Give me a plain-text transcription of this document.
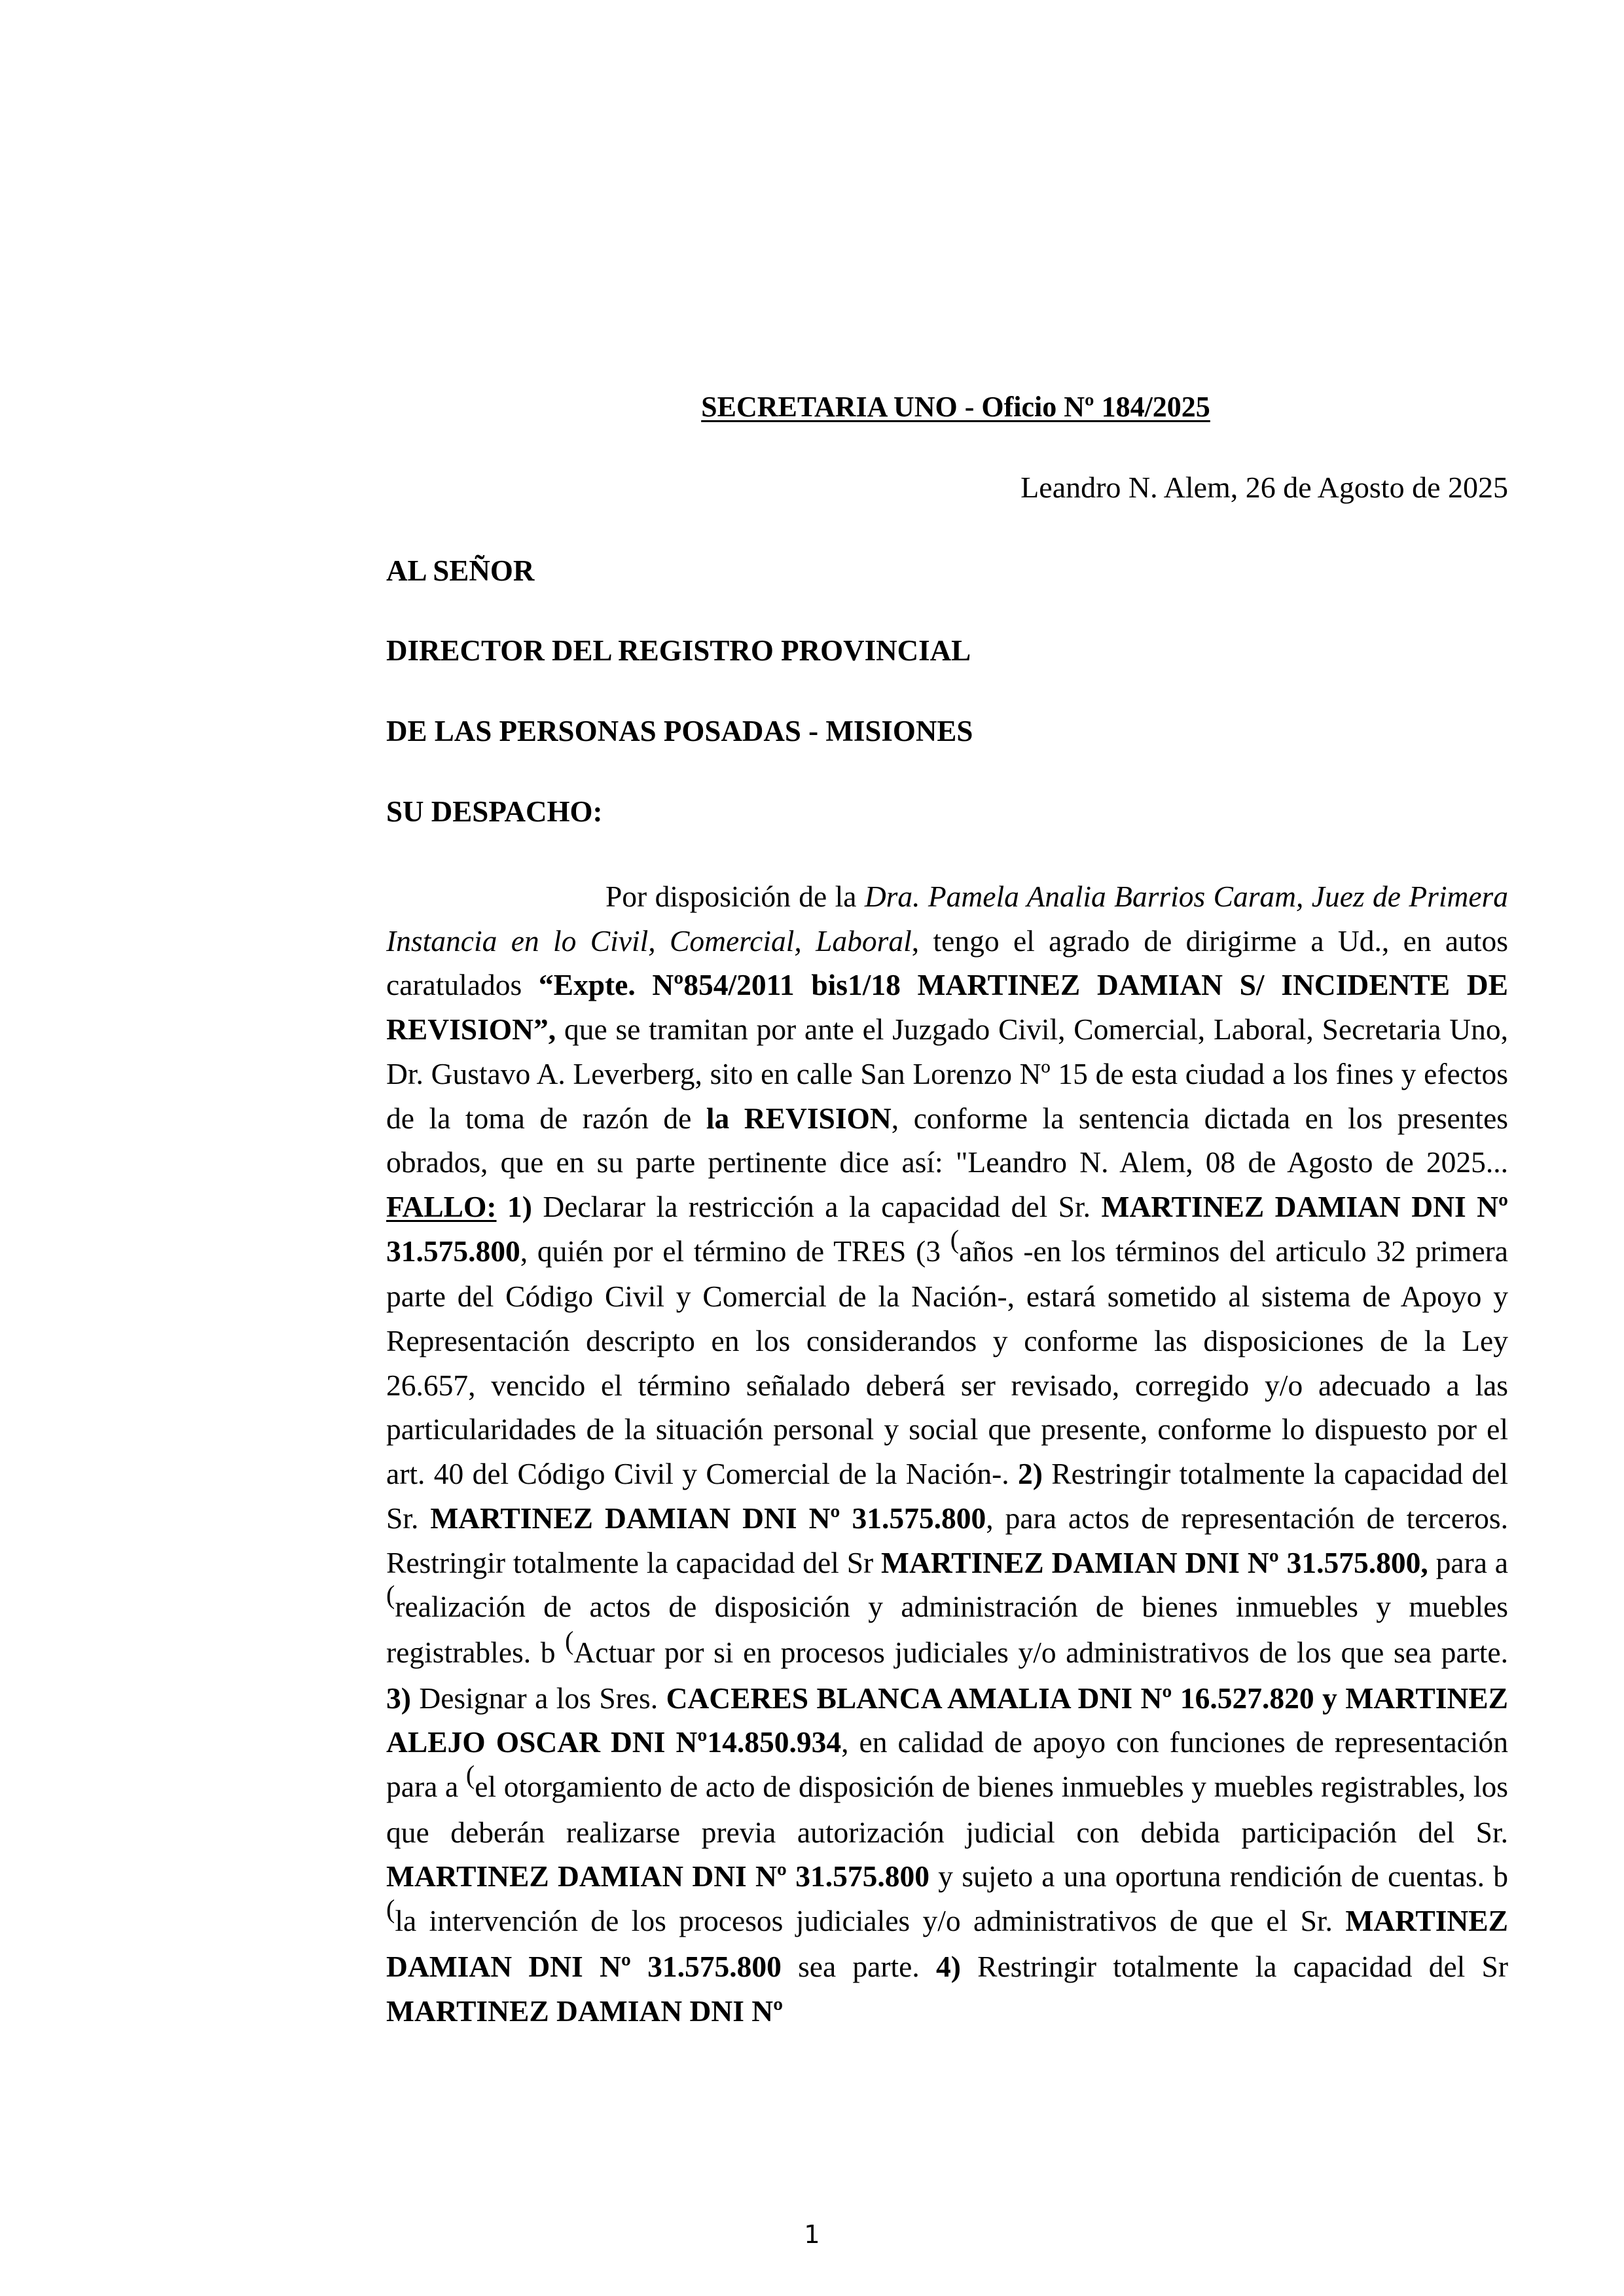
SECRETARIA UNO - Oficio Nº 184/2025
Leandro N. Alem, 26 de Agosto de 2025
AL SEÑOR
DIRECTOR DEL REGISTRO PROVINCIAL
DE LAS PERSONAS POSADAS - MISIONES
SU DESPACHO:

Por disposición de la Dra. Pamela Analia Barrios Caram, Juez de Primera Instancia en lo Civil, Comercial, Laboral, tengo el agrado de dirigirme a Ud., en autos caratulados “Expte. Nº854/2011 bis1/18 MARTINEZ DAMIAN S/ INCIDENTE DE REVISION”, que se tramitan por ante el Juzgado Civil, Comercial, Laboral, Secretaria Uno, Dr. Gustavo A. Leverberg, sito en calle San Lorenzo Nº 15 de esta ciudad a los fines y efectos de la toma de razón de la REVISION, conforme la sentencia dictada en los presentes obrados, que en su parte pertinente dice así: "Leandro N. Alem, 08 de Agosto de 2025... FALLO: 1) Declarar la restricción a la capacidad del Sr. MARTINEZ DAMIAN DNI Nº 31.575.800, quién por el término de TRES (3 (años -en los términos del articulo 32 primera parte del Código Civil y Comercial de la Nación-, estará sometido al sistema de Apoyo y Representación descripto en los considerandos y conforme las disposiciones de la Ley 26.657, vencido el término señalado deberá ser revisado, corregido y/o adecuado a las particularidades de la situación personal y social que presente, conforme lo dispuesto por el art. 40 del Código Civil y Comercial de la Nación-. 2) Restringir totalmente la capacidad del Sr. MARTINEZ DAMIAN DNI Nº 31.575.800, para actos de representación de terceros. Restringir totalmente la capacidad del Sr MARTINEZ DAMIAN DNI Nº 31.575.800, para a (realización de actos de disposición y administración de bienes inmuebles y muebles registrables. b (Actuar por si en procesos judiciales y/o administrativos de los que sea parte. 3) Designar a los Sres. CACERES BLANCA AMALIA DNI Nº 16.527.820 y MARTINEZ ALEJO OSCAR DNI Nº14.850.934, en calidad de apoyo con funciones de representación para a (el otorgamiento de acto de disposición de bienes inmuebles y muebles registrables, los que deberán realizarse previa autorización judicial con debida participación del Sr. MARTINEZ DAMIAN DNI Nº 31.575.800 y sujeto a una oportuna rendición de cuentas. b (la intervención de los procesos judiciales y/o administrativos de que el Sr. MARTINEZ DAMIAN DNI Nº 31.575.800 sea parte. 4) Restringir totalmente la capacidad del Sr MARTINEZ DAMIAN DNI Nº

1
